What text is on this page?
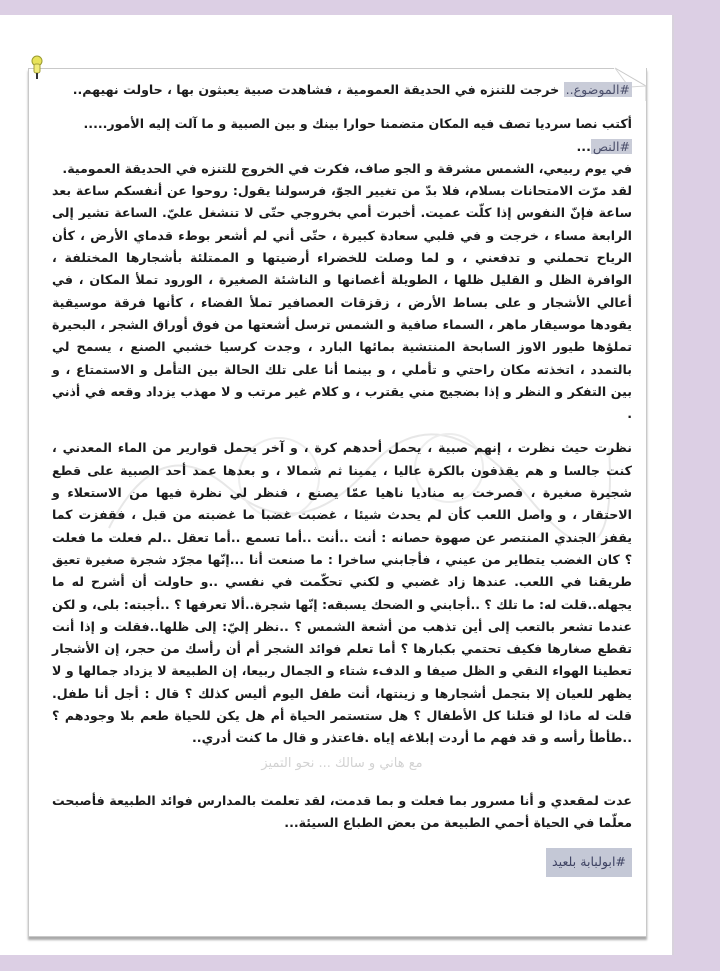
#الموضوع.. خرجت للتنزه في الحديقة العمومية ، فشاهدت صبية يعبثون بها ، حاولت نهيهم..

أكتب نصا سرديا تصف فيه المكان متضمنا حوارا بينك و بين الصبية و ما آلت إليه الأمور.....

#النص...

في يوم ربيعي، الشمس مشرقة و الجو صاف، فكرت في الخروج للتنزه في الحديقة العمومية.

لقد مرّت الامتحانات بسلام، فلا بدّ من تغيير الجوّ، فرسولنا يقول: روحوا عن أنفسكم ساعة بعد ساعة فإنّ النفوس إذا كلّت عميت. أخبرت أمي بخروجي حتّى لا تنشغل عليّ. الساعة تشير إلى الرابعة مساء ، خرجت و في قلبي سعادة كبيرة ، حتّى أني لم أشعر بوطء قدماي الأرض ، كأن الرياح تحملني و تدفعني ، و لما وصلت للخضراء أرضيتها و الممتلئة بأشجارها المختلفة ، الوافرة الظل و القليل ظلها ، الطويلة أغصانها و الناشئة الصغيرة ، الورود تملأ المكان ، في أعالي الأشجار و على بساط الأرض ، زقزقات العصافير تملأ الفضاء ، كأنها فرقة موسيقية يقودها موسيقار ماهر ، السماء صافية و الشمس ترسل أشعتها من فوق أوراق الشجر ، البحيرة تملؤها طيور الاوز السابحة المنتشية بمائها البارد ، وجدت كرسيا خشبي الصنع ، يسمح لي بالتمدد ، اتخذته مكان راحتي و تأملي ، و بينما أنا على تلك الحالة بين التأمل و الاستمتاع ، و بين التفكر و النظر و إذا بضجيج مني يقترب ، و كلام غير مرتب و لا مهذب يزداد وقعه في أذني .

نظرت حيث نظرت ، إنهم صبية ، يحمل أحدهم كرة ، و آخر يحمل قوارير من الماء المعدني ، كنت جالسا و هم يقذفون بالكرة عاليا ، يمينا ثم شمالا ، و بعدها عمد أحد الصبية على قطع شجيرة صغيرة ، فصرخت به مناديا ناهيا عمّا يصنع ، فنظر لي نظرة فيها من الاستعلاء و الاحتقار ، و واصل اللعب كأن لم يحدث شيئا ، غضبت غضبا ما غضبته من قبل ، فقفزت كما يقفز الجندي المنتصر عن صهوة حصانه : أنت ..أنت ..أما تسمع ..أما تعقل ..لم فعلت ما فعلت ؟ كان الغضب يتطاير من عيني ، فأجابني ساخرا : ما صنعت أنا ...إنّها مجرّد شجرة صغيرة تعيق طريقنا في اللعب. عندها زاد غضبي و لكني تحكّمت في نفسي ..و حاولت أن أشرح له ما يجهله..قلت له: ما تلك ؟ ..أجابني و الضحك يسبقه: إنّها شجرة..ألا تعرفها ؟ ..أجبته: بلى، و لكن عندما تشعر بالتعب إلى أين تذهب من أشعة الشمس ؟ ..نظر إليّ: إلى ظلها..فقلت و إذا أنت تقطع صغارها فكيف تحتمي بكبارها ؟ أما تعلم فوائد الشجر أم أن رأسك من حجر، إن الأشجار تعطينا الهواء النقي و الظل صيفا و الدفء شتاء و الجمال ربيعا، إن الطبيعة لا يزداد جمالها و لا يظهر للعيان إلا بتجمل أشجارها و زينتها، أنت طفل اليوم أليس كذلك ؟ قال : أجل أنا طفل. قلت له ماذا لو قتلنا كل الأطفال ؟ هل ستستمر الحياة أم هل يكن للحياة طعم بلا وجودهم ؟ ..طأطأ رأسه و قد فهم ما أردت إبلاغه إياه .فاعتذر و قال ما كنت أدري..

مع هاني و سالك ... نحو التميز

عدت لمقعدي و أنا مسرور بما فعلت و بما قدمت، لقد تعلمت بالمدارس فوائد الطبيعة فأصبحت معلّما في الحياة أحمي الطبيعة من بعض الطباع السيئة...

#ابولبابة بلعيد
